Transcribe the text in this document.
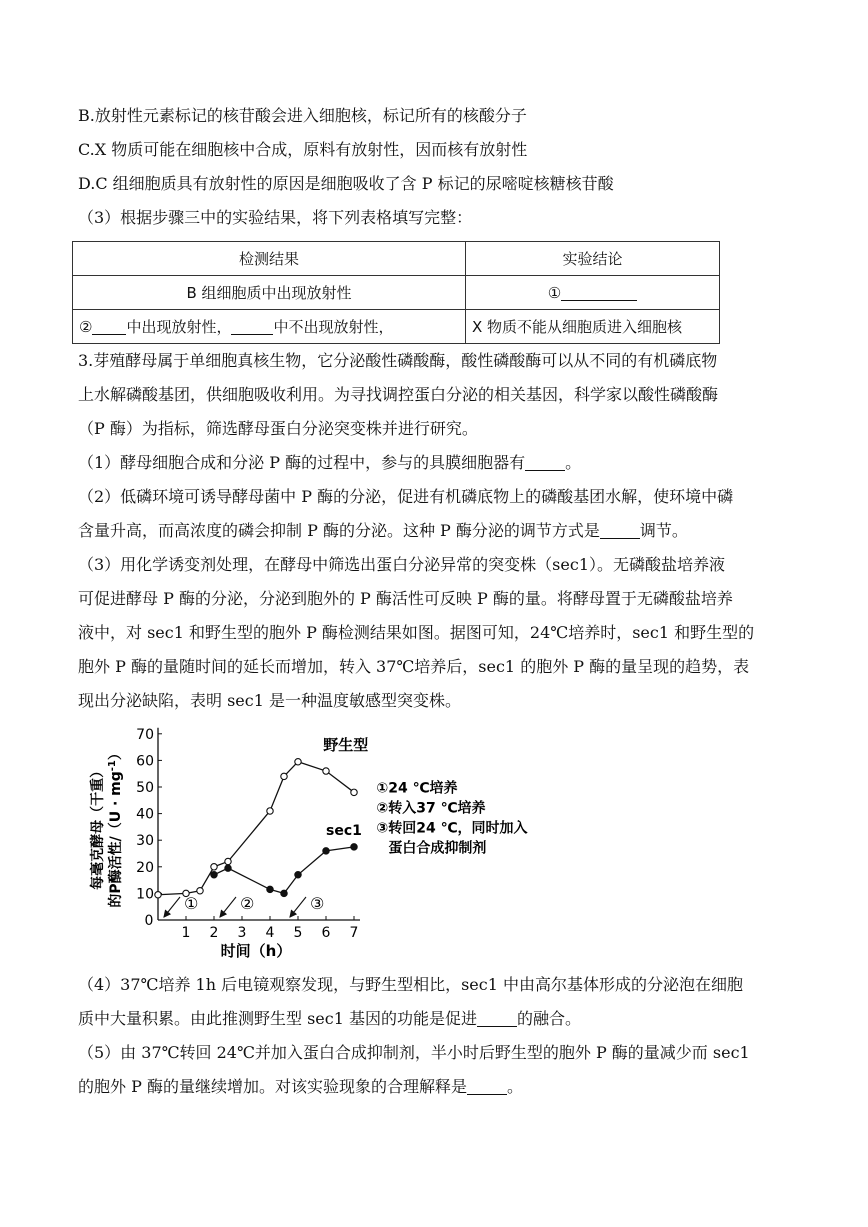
B.放射性元素标记的核苷酸会进入细胞核，标记所有的核酸分子
C.X 物质可能在细胞核中合成，原料有放射性，因而核有放射性
D.C 组细胞质具有放射性的原因是细胞吸收了含 P 标记的尿嘧啶核糖核苷酸
（3）根据步骤三中的实验结果，将下列表格填写完整：
检测结果	实验结论
B 组细胞质中出现放射性	①
② 中出现放射性， 中不出现放射性，	X 物质不能从细胞质进入细胞核
3.芽殖酵母属于单细胞真核生物，它分泌酸性磷酸酶，酸性磷酸酶可以从不同的有机磷底物
上水解磷酸基团，供细胞吸收利用。为寻找调控蛋白分泌的相关基因，科学家以酸性磷酸酶
（P 酶）为指标，筛选酵母蛋白分泌突变株并进行研究。
（1）酵母细胞合成和分泌 P 酶的过程中，参与的具膜细胞器有	。
（2）低磷环境可诱导酵母菌中 P 酶的分泌，促进有机磷底物上的磷酸基团水解，使环境中磷
含量升高，而高浓度的磷会抑制 P 酶的分泌。这种 P 酶分泌的调节方式是	调节。
（3）用化学诱变剂处理，在酵母中筛选出蛋白分泌异常的突变株（sec1）。无磷酸盐培养液
可促进酵母 P 酶的分泌，分泌到胞外的 P 酶活性可反映 P 酶的量。将酵母置于无磷酸盐培养
液中，对 sec1 和野生型的胞外 P 酶检测结果如图。据图可知，24℃培养时，sec1 和野生型的
胞外 P 酶的量随时间的延长而增加，转入 37℃培养后，sec1 的胞外 P 酶的量呈现的趋势，表
现出分泌缺陷，表明 sec1 是一种温度敏感型突变株。
0
1 2 3 4 5 6 7
10
20
30
40
50
60
70
时间（h）
每毫克酵母（干重） 的P酶活性$/(U \cdot mg^{-1})$	野生型
sec1
①24 ℃培养
②转入37 ℃培养
③转回24 ℃，同时加入
蛋白合成抑制剂
①	②	③
（4）37℃培养 1h 后电镜观察发现，与野生型相比，sec1 中由高尔基体形成的分泌泡在细胞
质中大量积累。由此推测野生型 sec1 基因的功能是促进	的融合。
（5）由 37℃转回 24℃并加入蛋白合成抑制剂，半小时后野生型的胞外 P 酶的量减少而 sec1
的胞外 P 酶的量继续增加。对该实验现象的合理解释是	。
